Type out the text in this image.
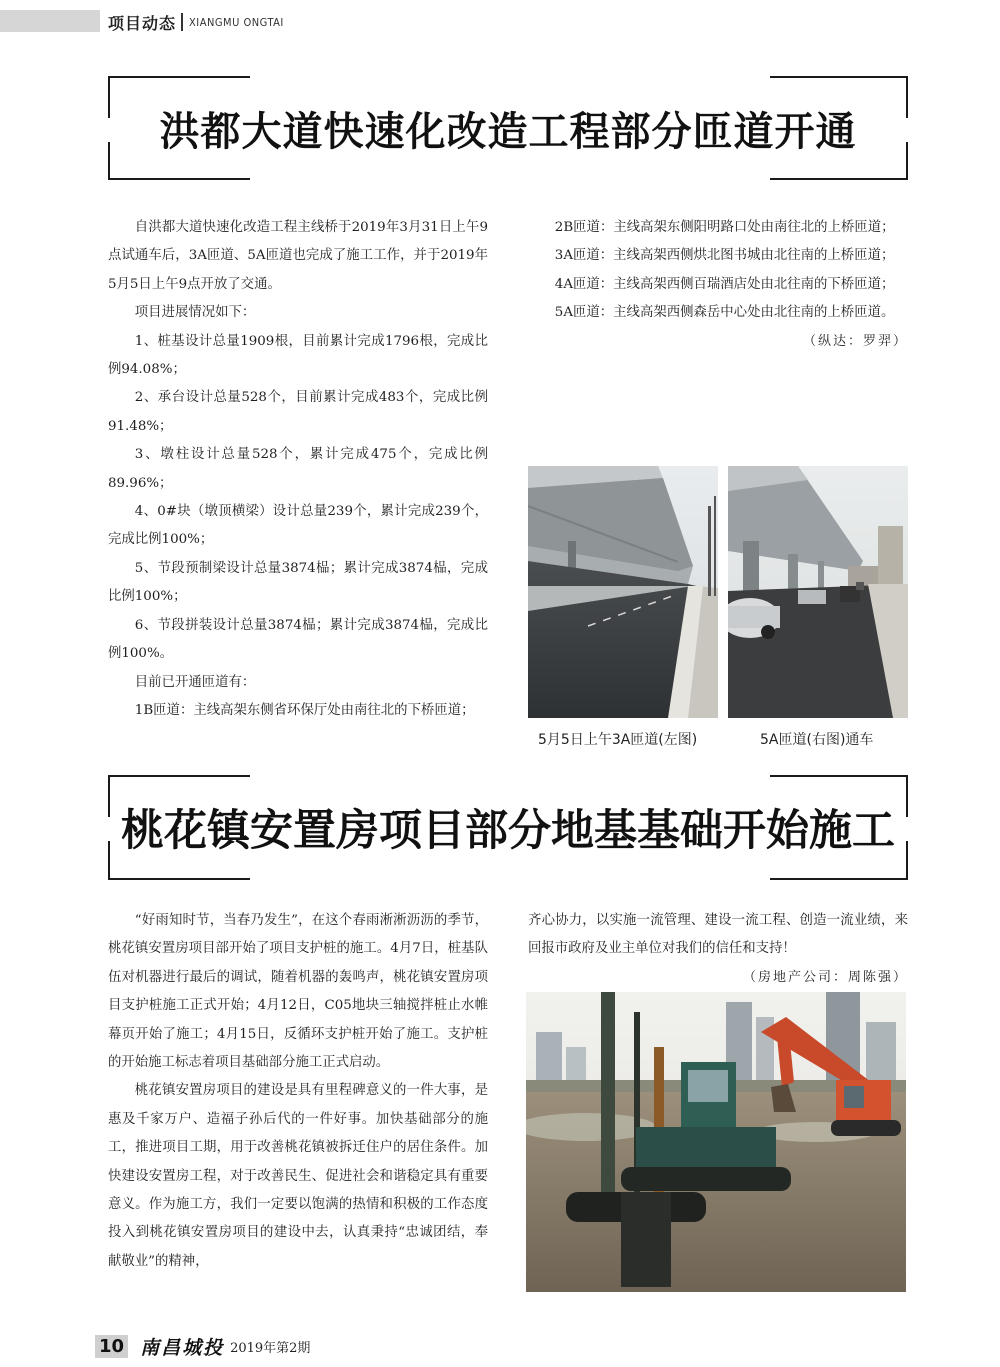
项目动态 XIANGMU ONGTAI
洪都大道快速化改造工程部分匝道开通

自洪都大道快速化改造工程主线桥于2019年3月31日上午9点试通车后，3A匝道、5A匝道也完成了施工工作，并于2019年5月5日上午9点开放了交通。

项目进展情况如下：

1、桩基设计总量1909根，目前累计完成1796根，完成比例94.08%；

2、承台设计总量528个，目前累计完成483个，完成比例91.48%；

3、墩柱设计总量528个，累计完成475个，完成比例89.96%；

4、0#块（墩顶横梁）设计总量239个，累计完成239个，完成比例100%；

5、节段预制梁设计总量3874榀；累计完成3874榀，完成比例100%；

6、节段拼装设计总量3874榀；累计完成3874榀，完成比例100%。

目前已开通匝道有：

1B匝道：主线高架东侧省环保厅处由南往北的下桥匝道；

2B匝道：主线高架东侧阳明路口处由南往北的上桥匝道；

3A匝道：主线高架西侧烘北图书城由北往南的上桥匝道；

4A匝道：主线高架西侧百瑞酒店处由北往南的下桥匝道；

5A匝道：主线高架西侧森岳中心处由北往南的上桥匝道。

（纵达：罗羿）

5月5日上午3A匝道(左图)	5A匝道(右图)通车
桃花镇安置房项目部分地基基础开始施工

“好雨知时节，当春乃发生”，在这个春雨淅淅沥沥的季节，桃花镇安置房项目部开始了项目支护桩的施工。4月7日，桩基队伍对机器进行最后的调试，随着机器的轰鸣声，桃花镇安置房项目支护桩施工正式开始；4月12日，C05地块三轴搅拌桩止水帷幕页开始了施工；4月15日，反循环支护桩开始了施工。支护桩的开始施工标志着项目基础部分施工正式启动。

桃花镇安置房项目的建设是具有里程碑意义的一件大事，是惠及千家万户、造福子孙后代的一件好事。加快基础部分的施工，推进项目工期，用于改善桃花镇被拆迁住户的居住条件。加快建设安置房工程，对于改善民生、促进社会和谐稳定具有重要意义。作为施工方，我们一定要以饱满的热情和积极的工作态度投入到桃花镇安置房项目的建设中去，认真秉持“忠诚团结，奉献敬业”的精神，

齐心协力，以实施一流管理、建设一流工程、创造一流业绩，来回报市政府及业主单位对我们的信任和支持！

（房地产公司：周陈强）

10 南昌城投 2019年第2期
